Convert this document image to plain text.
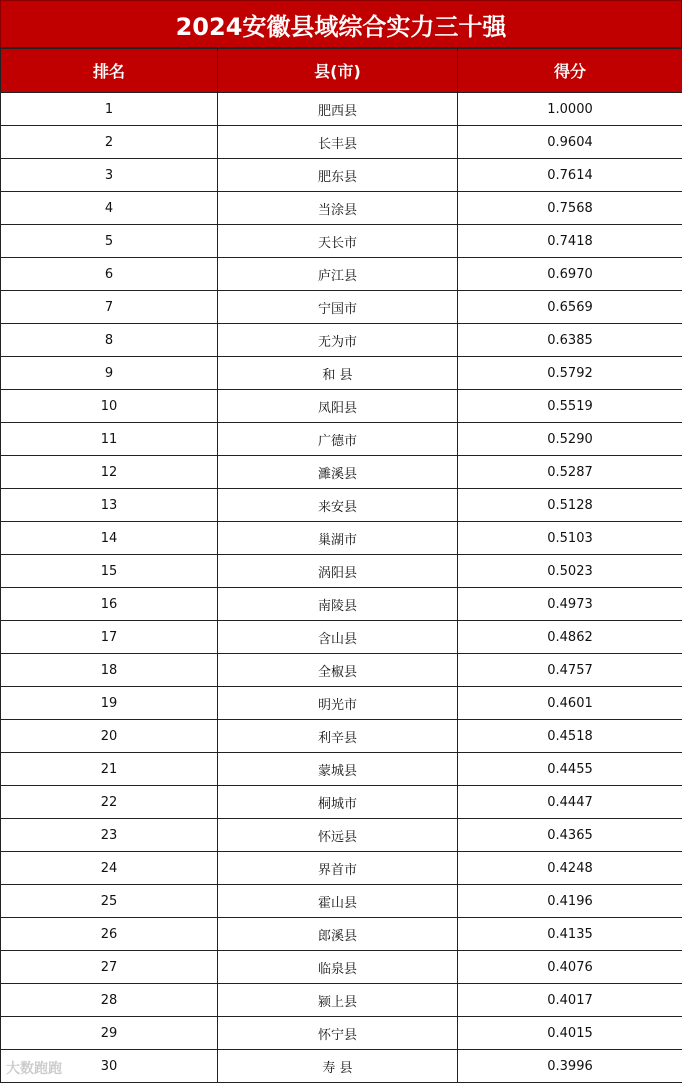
2024安徽县域综合实力三十强
排名	县(市)	得分
1	肥西县	1.0000
2	长丰县	0.9604
3	肥东县	0.7614
4	当涂县	0.7568
5	天长市	0.7418
6	庐江县	0.6970
7	宁国市	0.6569
8	无为市	0.6385
9	和 县	0.5792
10	凤阳县	0.5519
11	广德市	0.5290
12	濉溪县	0.5287
13	来安县	0.5128
14	巢湖市	0.5103
15	涡阳县	0.5023
16	南陵县	0.4973
17	含山县	0.4862
18	全椒县	0.4757
19	明光市	0.4601
20	利辛县	0.4518
21	蒙城县	0.4455
22	桐城市	0.4447
23	怀远县	0.4365
24	界首市	0.4248
25	霍山县	0.4196
26	郎溪县	0.4135
27	临泉县	0.4076
28	颍上县	0.4017
29	怀宁县	0.4015
30	寿 县	0.3996
大数跑跑
